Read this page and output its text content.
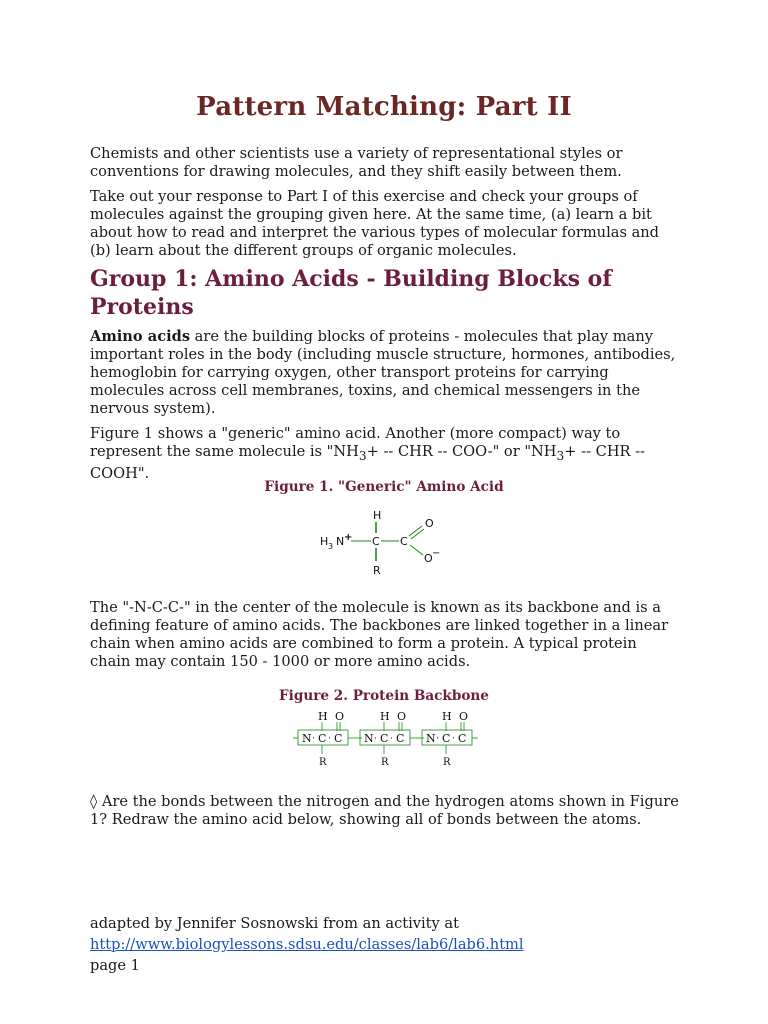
Pattern Matching: Part II

Chemists and other scientists use a variety of representational styles or conventions for drawing molecules, and they shift easily between them.

Take out your response to Part I of this exercise and check your groups of molecules against the grouping given here. At the same time, (a) learn a bit about how to read and interpret the various types of molecular formulas and (b) learn about the different groups of organic molecules.

Group 1: Amino Acids - Building Blocks of Proteins

Amino acids are the building blocks of proteins - molecules that play many important roles in the body (including muscle structure, hormones, antibodies, hemoglobin for carrying oxygen, other transport proteins for carrying molecules across cell membranes, toxins, and chemical messengers in the nervous system).

Figure 1 shows a "generic" amino acid. Another (more compact) way to represent the same molecule is "$NH_3+$ -- CHR -- COO-" or "$NH_3+$ -- CHR -- COOH".

Figure 1. "Generic" Amino Acid
H
H 3 N + C C
O
O −
R

The "-N-C-C-" in the center of the molecule is known as its backbone and is a defining feature of amino acids. The backbones are linked together in a linear chain when amino acids are combined to form a protein. A typical protein chain may contain 150 - 1000 or more amino acids.

Figure 2. Protein Backbone
N · C · C
H O
R
N · C · C
H O
R
N · C · C
H O
R

◊ Are the bonds between the nitrogen and the hydrogen atoms shown in Figure 1? Redraw the amino acid below, showing all of bonds between the atoms.

adapted by Jennifer Sosnowski from an activity at

http://www.biologylessons.sdsu.edu/classes/lab6/lab6.html

page 1
